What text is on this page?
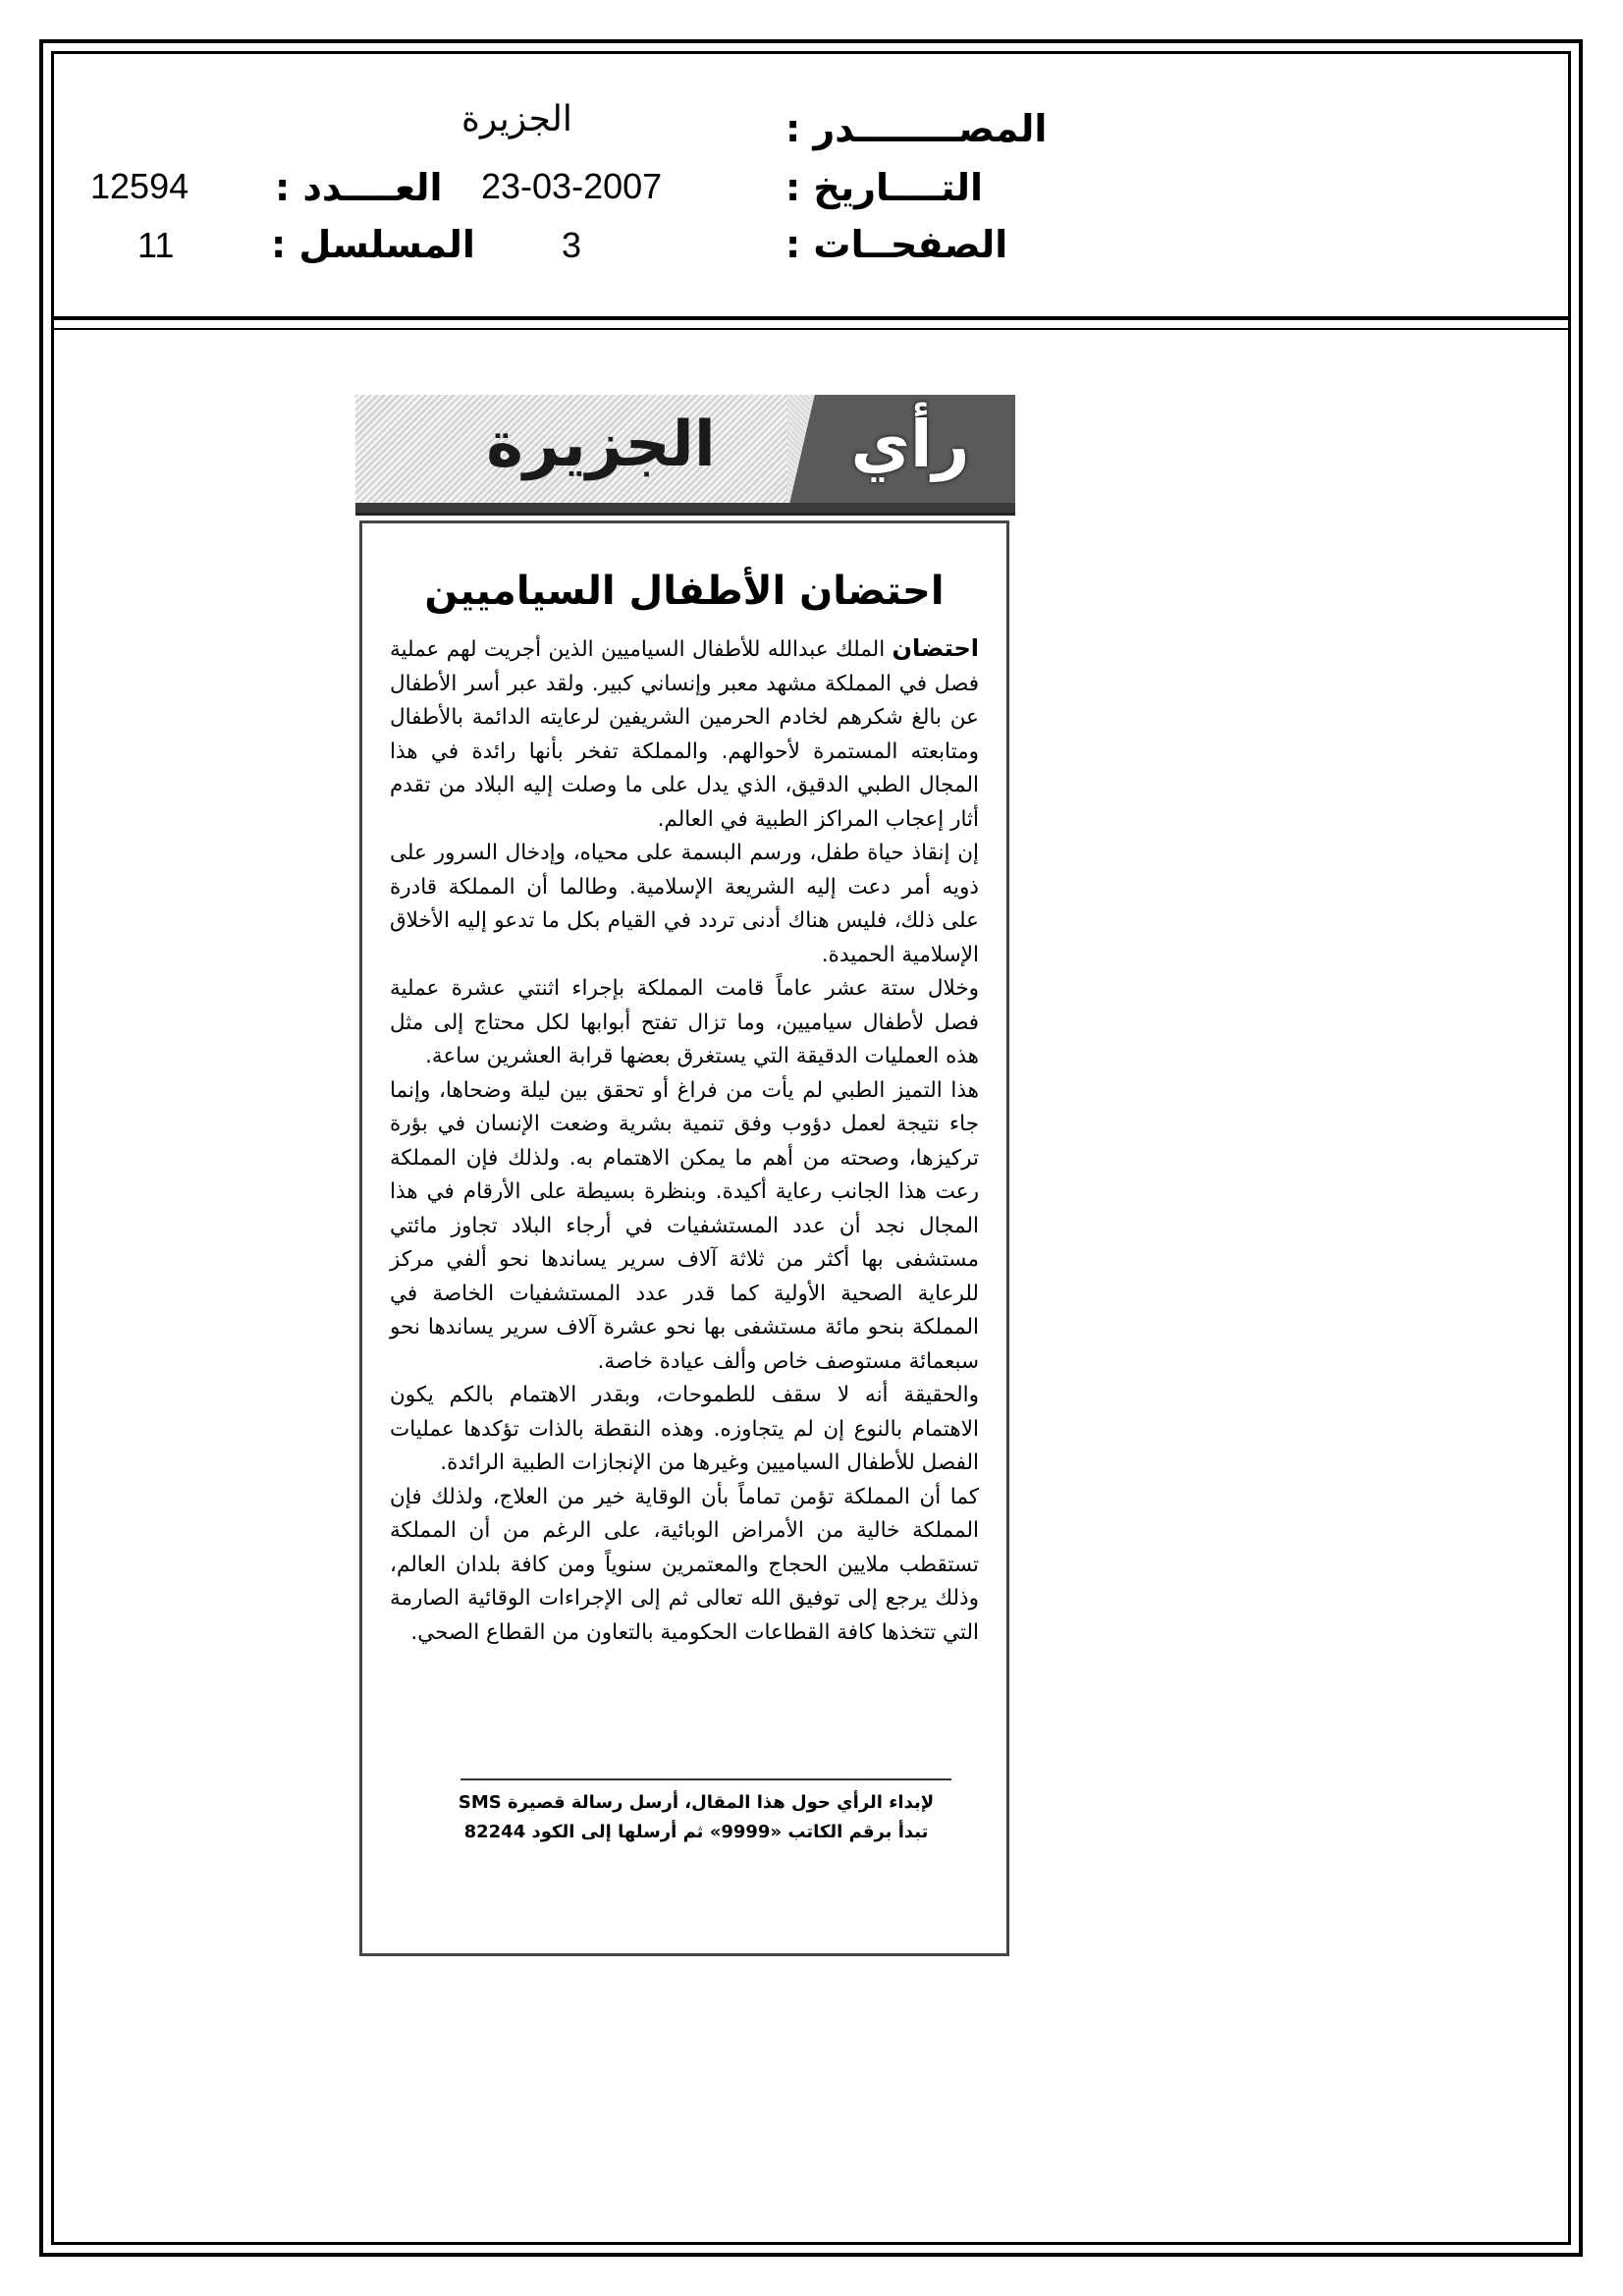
المصــــــــدر :
الجزيرة
التــــاريخ :
23-03-2007
العــــدد :
12594
الصفحــات :
3
المسلسل :
11
الجزيرة	رأي
احتضان الأطفال السياميين

احتضان الملك عبدالله للأطفال السياميين الذين أجريت لهم عملية فصل في المملكة مشهد معبر وإنساني كبير. ولقد عبر أسر الأطفال عن بالغ شكرهم لخادم الحرمين الشريفين لرعايته الدائمة بالأطفال ومتابعته المستمرة لأحوالهم. والمملكة تفخر بأنها رائدة في هذا المجال الطبي الدقيق، الذي يدل على ما وصلت إليه البلاد من تقدم أثار إعجاب المراكز الطبية في العالم.

إن إنقاذ حياة طفل، ورسم البسمة على محياه، وإدخال السرور على ذويه أمر دعت إليه الشريعة الإسلامية. وطالما أن المملكة قادرة على ذلك، فليس هناك أدنى تردد في القيام بكل ما تدعو إليه الأخلاق الإسلامية الحميدة.

وخلال ستة عشر عاماً قامت المملكة بإجراء اثنتي عشرة عملية فصل لأطفال سياميين، وما تزال تفتح أبوابها لكل محتاج إلى مثل هذه العمليات الدقيقة التي يستغرق بعضها قرابة العشرين ساعة.

هذا التميز الطبي لم يأت من فراغ أو تحقق بين ليلة وضحاها، وإنما جاء نتيجة لعمل دؤوب وفق تنمية بشرية وضعت الإنسان في بؤرة تركيزها، وصحته من أهم ما يمكن الاهتمام به. ولذلك فإن المملكة رعت هذا الجانب رعاية أكيدة. وبنظرة بسيطة على الأرقام في هذا المجال نجد أن عدد المستشفيات في أرجاء البلاد تجاوز مائتي مستشفى بها أكثر من ثلاثة آلاف سرير يساندها نحو ألفي مركز للرعاية الصحية الأولية كما قدر عدد المستشفيات الخاصة في المملكة بنحو مائة مستشفى بها نحو عشرة آلاف سرير يساندها نحو سبعمائة مستوصف خاص وألف عيادة خاصة.

والحقيقة أنه لا سقف للطموحات، وبقدر الاهتمام بالكم يكون الاهتمام بالنوع إن لم يتجاوزه. وهذه النقطة بالذات تؤكدها عمليات الفصل للأطفال السياميين وغيرها من الإنجازات الطبية الرائدة.

كما أن المملكة تؤمن تماماً بأن الوقاية خير من العلاج، ولذلك فإن المملكة خالية من الأمراض الوبائية، على الرغم من أن المملكة تستقطب ملايين الحجاج والمعتمرين سنوياً ومن كافة بلدان العالم، وذلك يرجع إلى توفيق الله تعالى ثم إلى الإجراءات الوقائية الصارمة التي تتخذها كافة القطاعات الحكومية بالتعاون من القطاع الصحي.

لإبداء الرأي حول هذا المقال، أرسل رسالة قصيرة SMS
تبدأ برقم الكاتب «9999» ثم أرسلها إلى الكود 82244
